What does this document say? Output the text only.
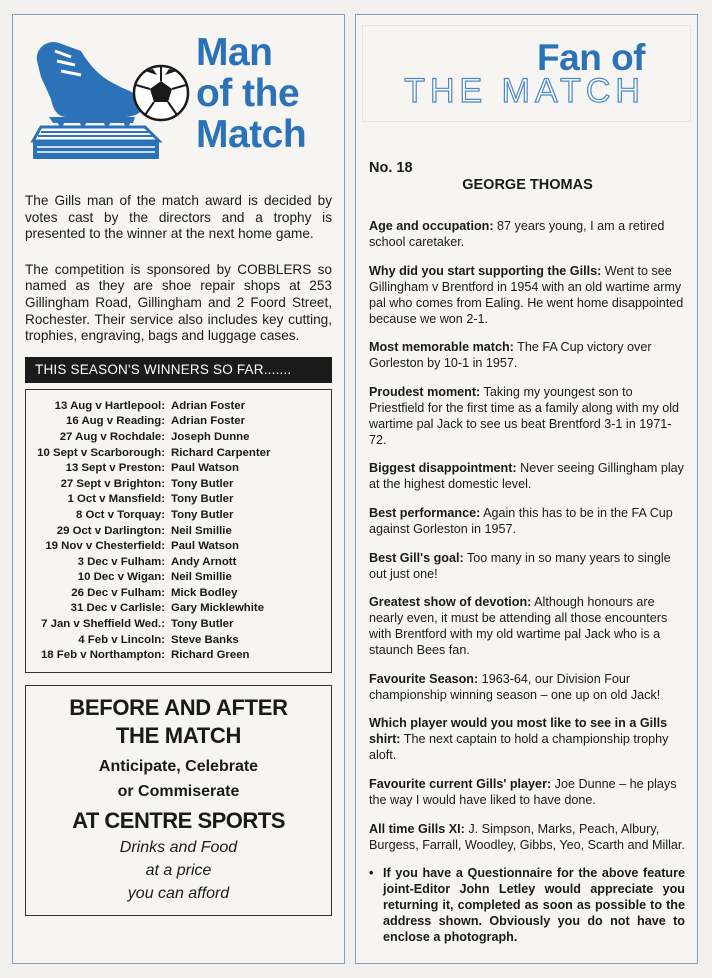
Man
of the
Match

The Gills man of the match award is decided by votes cast by the directors and a trophy is presented to the winner at the next home game.

The competition is sponsored by COBBLERS so named as they are shoe repair shops at 253 Gillingham Road, Gillingham and 2 Foord Street, Rochester. Their service also includes key cutting, trophies, engraving, bags and luggage cases.

THIS SEASON'S WINNERS SO FAR.......
13 Aug v Hartlepool: Adrian Foster
16 Aug v Reading: Adrian Foster
27 Aug v Rochdale: Joseph Dunne
10 Sept v Scarborough: Richard Carpenter
13 Sept v Preston: Paul Watson
27 Sept v Brighton: Tony Butler
1 Oct v Mansfield: Tony Butler
8 Oct v Torquay: Tony Butler
29 Oct v Darlington: Neil Smillie
19 Nov v Chesterfield: Paul Watson
3 Dec v Fulham: Andy Arnott
10 Dec v Wigan: Neil Smillie
26 Dec v Fulham: Mick Bodley
31 Dec v Carlisle: Gary Micklewhite
7 Jan v Sheffield Wed.: Tony Butler
4 Feb v Lincoln: Steve Banks
18 Feb v Northampton: Richard Green
BEFORE AND AFTER
THE MATCH
Anticipate, Celebrate
or Commiserate
AT CENTRE SPORTS
Drinks and Food
at a price
you can afford
Fan of
THE MATCH
No. 18
GEORGE THOMAS

Age and occupation: 87 years young, I am a retired school caretaker.

Why did you start supporting the Gills: Went to see Gillingham v Brentford in 1954 with an old wartime army pal who comes from Ealing. He went home disappointed because we won 2-1.

Most memorable match: The FA Cup victory over Gorleston by 10-1 in 1957.

Proudest moment: Taking my youngest son to Priestfield for the first time as a family along with my old wartime pal Jack to see us beat Brentford 3-1 in 1971-72.

Biggest disappointment: Never seeing Gillingham play at the highest domestic level.

Best performance: Again this has to be in the FA Cup against Gorleston in 1957.

Best Gill's goal: Too many in so many years to single out just one!

Greatest show of devotion: Although honours are nearly even, it must be attending all those encounters with Brentford with my old wartime pal Jack who is a staunch Bees fan.

Favourite Season: 1963-64, our Division Four championship winning season – one up on old Jack!

Which player would you most like to see in a Gills shirt: The next captain to hold a championship trophy aloft.

Favourite current Gills' player: Joe Dunne – he plays the way I would have liked to have done.

All time Gills XI: J. Simpson, Marks, Peach, Albury, Burgess, Farrall, Woodley, Gibbs, Yeo, Scarth and Millar.

• If you have a Questionnaire for the above feature joint-Editor John Letley would appreciate you returning it, completed as soon as possible to the address shown. Obviously you do not have to enclose a photograph.
